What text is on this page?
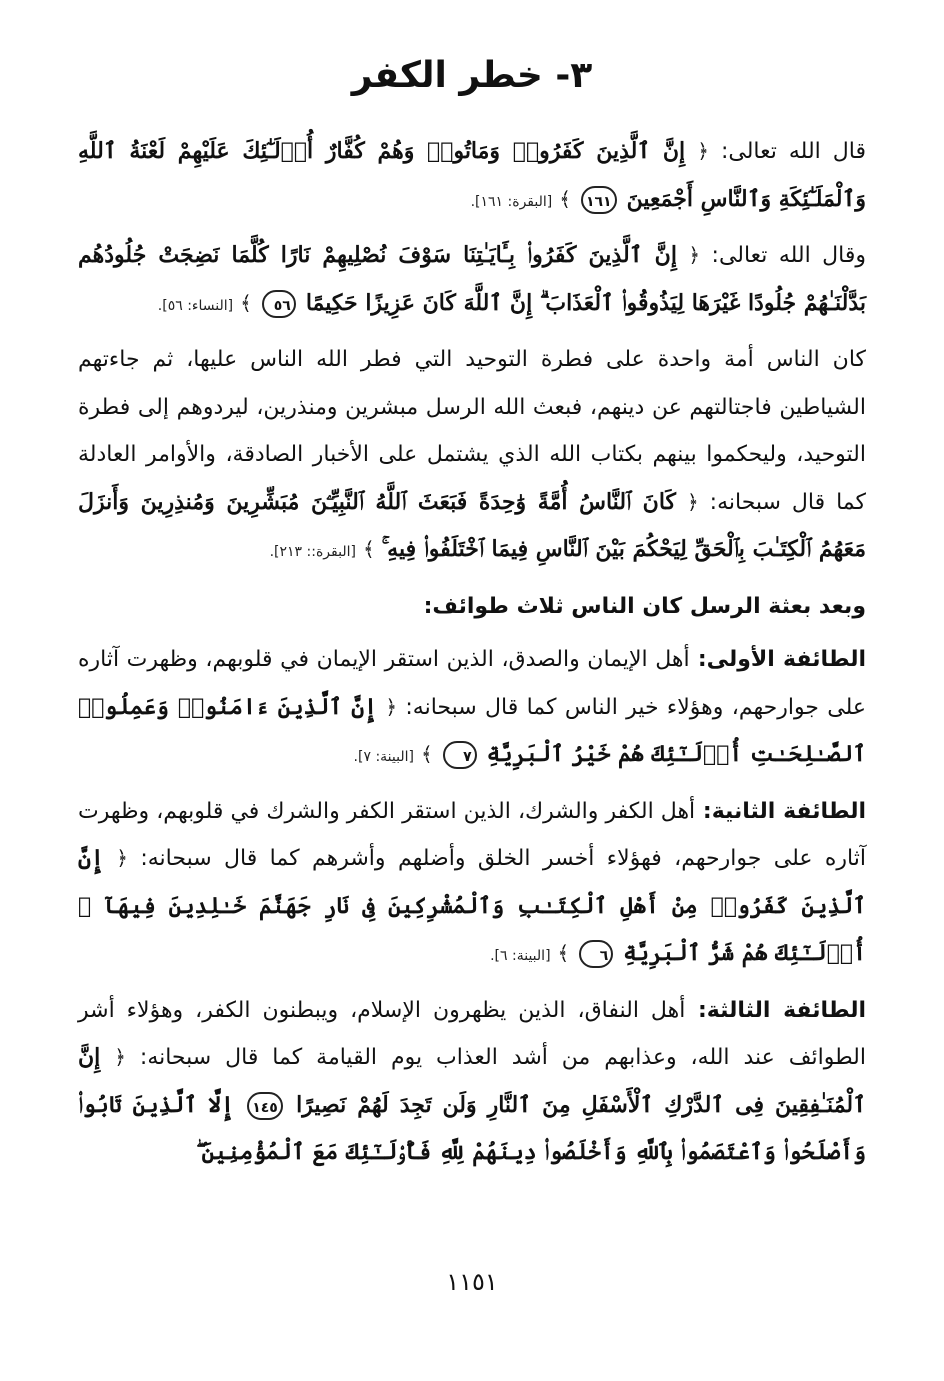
٣- خطر الكفر

قال الله تعالى: ﴿ إِنَّ ٱلَّذِينَ كَفَرُوا۟ وَمَاتُوا۟ وَهُمْ كُفَّارٌ أُو۟لَـٰٓئِكَ عَلَيْهِمْ لَعْنَةُ ٱللَّهِ وَٱلْمَلَـٰٓئِكَةِ وَٱلنَّاسِ أَجْمَعِينَ ١٦١ ﴾ [البقرة: ١٦١].

وقال الله تعالى: ﴿ إِنَّ ٱلَّذِينَ كَفَرُوا۟ بِـَٔايَـٰتِنَا سَوْفَ نُصْلِيهِمْ نَارًا كُلَّمَا نَضِجَتْ جُلُودُهُم بَدَّلْنَـٰهُمْ جُلُودًا غَيْرَهَا لِيَذُوقُوا۟ ٱلْعَذَابَ ۗ إِنَّ ٱللَّهَ كَانَ عَزِيزًا حَكِيمًا ٥٦ ﴾ [النساء: ٥٦].

كان الناس أمة واحدة على فطرة التوحيد التي فطر الله الناس عليها، ثم جاءتهم الشياطين فاجتالتهم عن دينهم، فبعث الله الرسل مبشرين ومنذرين، ليردوهم إلى فطرة التوحيد، وليحكموا بينهم بكتاب الله الذي يشتمل على الأخبار الصادقة، والأوامر العادلة كما قال سبحانه: ﴿ كَانَ ٱلنَّاسُ أُمَّةً وَٰحِدَةً فَبَعَثَ ٱللَّهُ ٱلنَّبِيِّـۧنَ مُبَشِّرِينَ وَمُنذِرِينَ وَأَنزَلَ مَعَهُمُ ٱلْكِتَـٰبَ بِٱلْحَقِّ لِيَحْكُمَ بَيْنَ ٱلنَّاسِ فِيمَا ٱخْتَلَفُوا۟ فِيهِ ۚ ﴾ [البقرة:: ٢١٣].

وبعد بعثة الرسل كان الناس ثلاث طوائف:

الطائفة الأولى: أهل الإيمان والصدق، الذين استقر الإيمان في قلوبهم، وظهرت آثاره على جوارحهم، وهؤلاء خير الناس كما قال سبحانه: ﴿ إِنَّ ٱلَّذِينَ ءَامَنُوا۟ وَعَمِلُوا۟ ٱلصَّـٰلِحَـٰتِ أُو۟لَـٰٓئِكَ هُمْ خَيْرُ ٱلْبَرِيَّةِ ٧ ﴾ [البينة: ٧].

الطائفة الثانية: أهل الكفر والشرك، الذين استقر الكفر والشرك في قلوبهم، وظهرت آثاره على جوارحهم، فهؤلاء أخسر الخلق وأضلهم وأشرهم كما قال سبحانه: ﴿ إِنَّ ٱلَّذِينَ كَفَرُوا۟ مِنْ أَهْلِ ٱلْكِتَـٰبِ وَٱلْمُشْرِكِينَ فِى نَارِ جَهَنَّمَ خَـٰلِدِينَ فِيهَآ ۚ أُو۟لَـٰٓئِكَ هُمْ شَرُّ ٱلْبَرِيَّةِ ٦ ﴾ [البينة: ٦].

الطائفة الثالثة: أهل النفاق، الذين يظهرون الإسلام، ويبطنون الكفر، وهؤلاء أشر الطوائف عند الله، وعذابهم من أشد العذاب يوم القيامة كما قال سبحانه: ﴿ إِنَّ ٱلْمُنَـٰفِقِينَ فِى ٱلدَّرْكِ ٱلْأَسْفَلِ مِنَ ٱلنَّارِ وَلَن تَجِدَ لَهُمْ نَصِيرًا ١٤٥ إِلَّا ٱلَّذِينَ تَابُوا۟ وَأَصْلَحُوا۟ وَٱعْتَصَمُوا۟ بِٱللَّهِ وَأَخْلَصُوا۟ دِينَهُمْ لِلَّهِ فَأُو۟لَـٰٓئِكَ مَعَ ٱلْمُؤْمِنِينَ ۖ

١١٥١
